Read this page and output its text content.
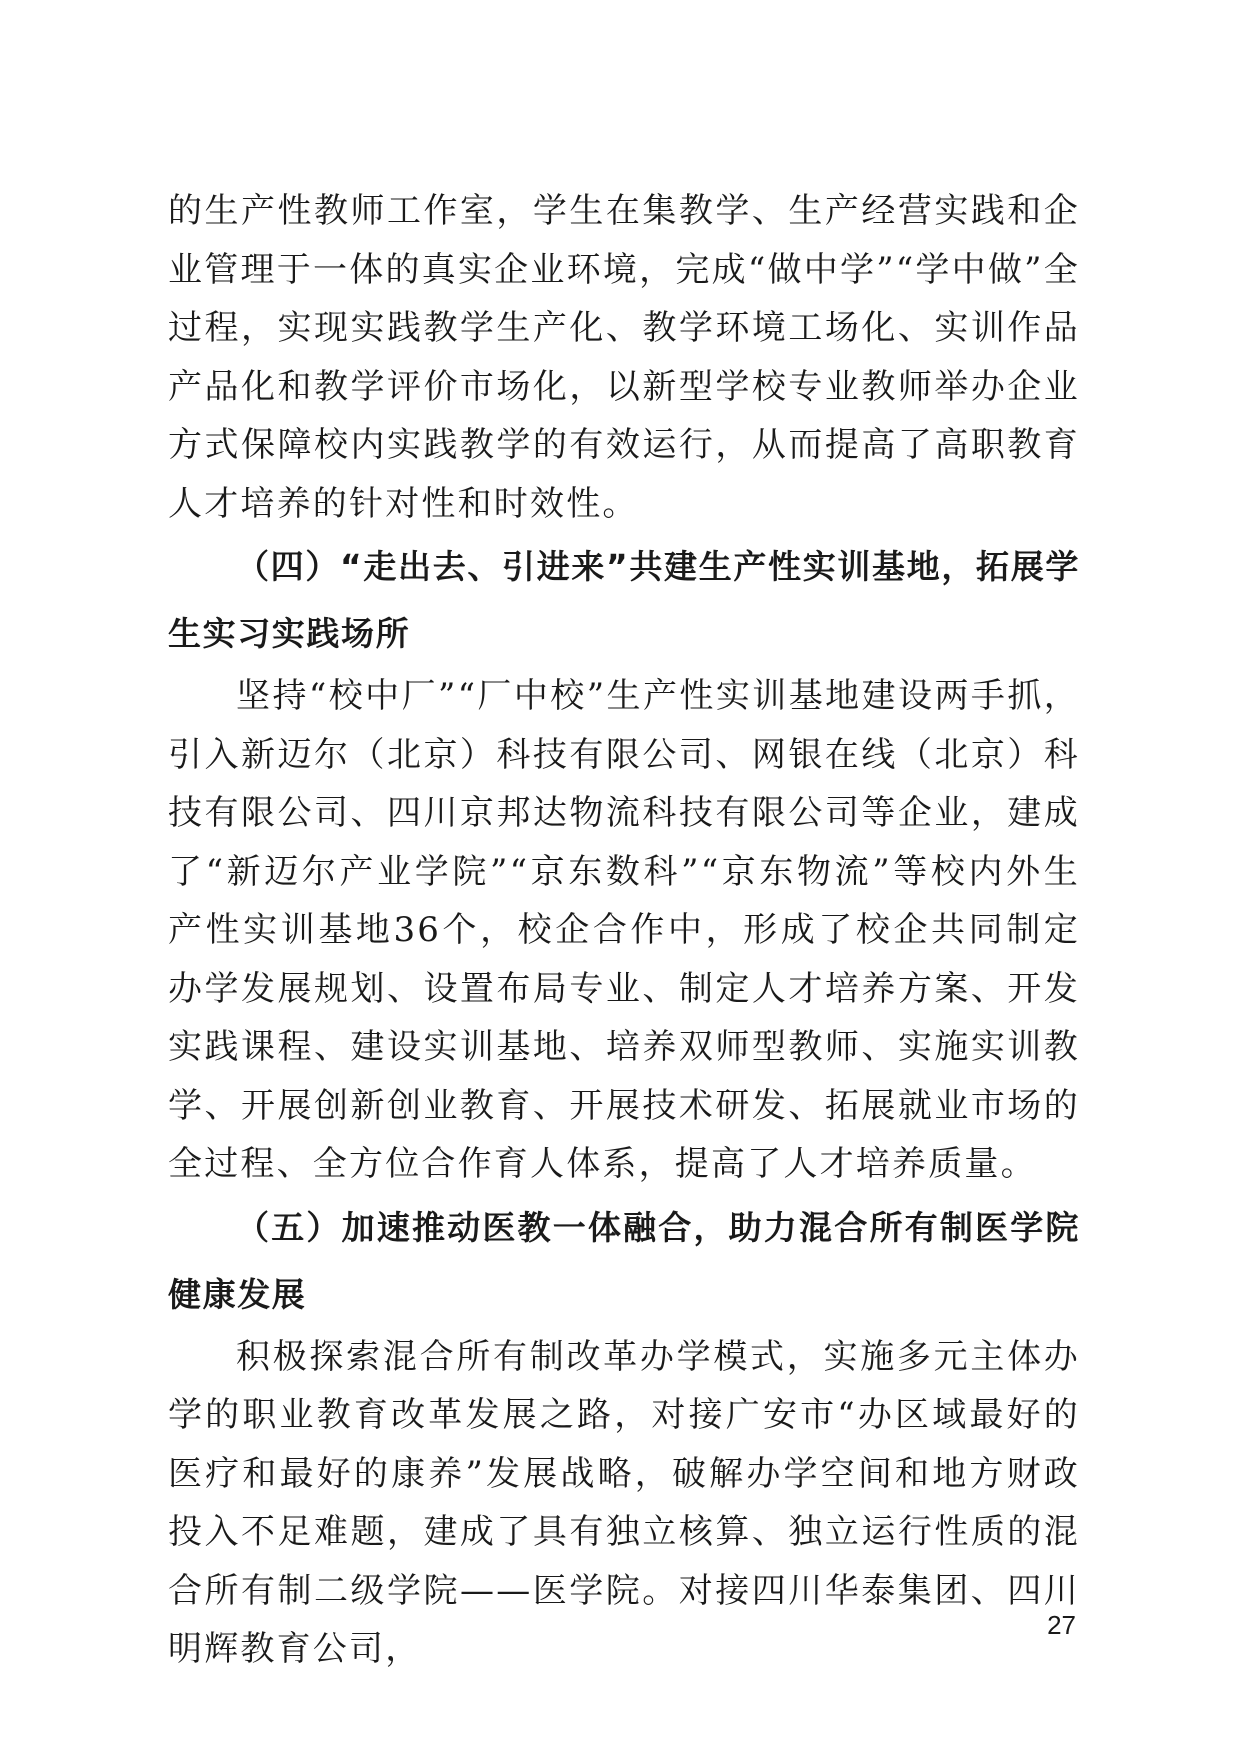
的生产性教师工作室，学生在集教学、生产经营实践和企业管理于一体的真实企业环境，完成“做中学”“学中做”全过程，实现实践教学生产化、教学环境工场化、实训作品产品化和教学评价市场化，以新型学校专业教师举办企业方式保障校内实践教学的有效运行，从而提高了高职教育人才培养的针对性和时效性。

（四）“走出去、引进来”共建生产性实训基地，拓展学生实习实践场所

坚持“校中厂”“厂中校”生产性实训基地建设两手抓，引入新迈尔（北京）科技有限公司、网银在线（北京）科技有限公司、四川京邦达物流科技有限公司等企业，建成了“新迈尔产业学院”“京东数科”“京东物流”等校内外生产性实训基地36个，校企合作中，形成了校企共同制定办学发展规划、设置布局专业、制定人才培养方案、开发实践课程、建设实训基地、培养双师型教师、实施实训教学、开展创新创业教育、开展技术研发、拓展就业市场的全过程、全方位合作育人体系，提高了人才培养质量。

（五）加速推动医教一体融合，助力混合所有制医学院健康发展

积极探索混合所有制改革办学模式，实施多元主体办学的职业教育改革发展之路，对接广安市“办区域最好的医疗和最好的康养”发展战略，破解办学空间和地方财政投入不足难题，建成了具有独立核算、独立运行性质的混合所有制二级学院——医学院。对接四川华泰集团、四川明辉教育公司，

27
